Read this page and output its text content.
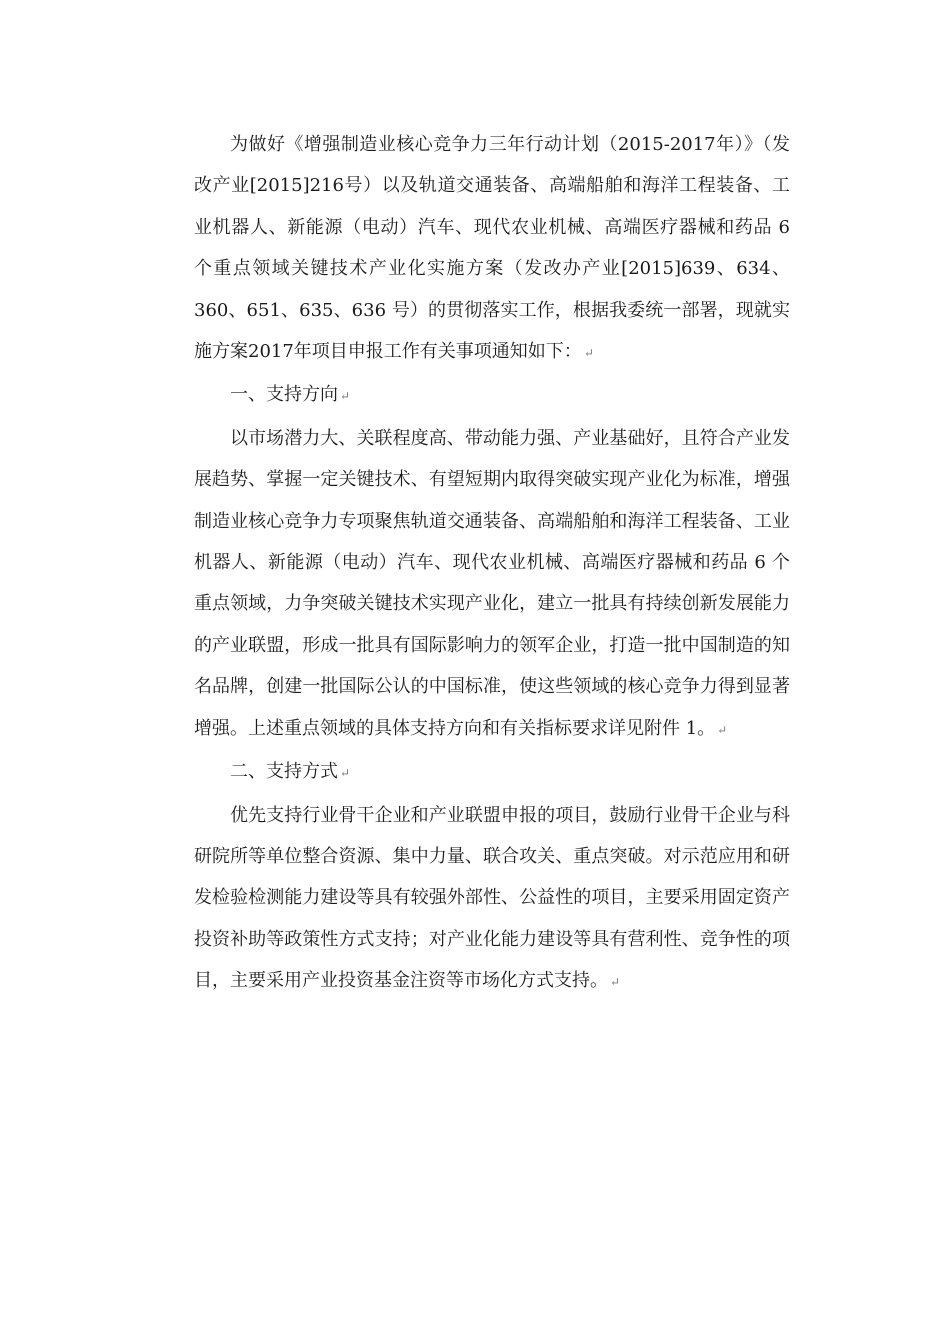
为做好《增强制造业核心竞争力三年行动计划（2015-2017年）》（发改产业[2015]216号）以及轨道交通装备、高端船舶和海洋工程装备、工业机器人、新能源（电动）汽车、现代农业机械、高端医疗器械和药品 6 个重点领域关键技术产业化实施方案（发改办产业[2015]639、634、360、651、635、636 号）的贯彻落实工作，根据我委统一部署，现就实施方案2017年项目申报工作有关事项通知如下： ↵

一、支持方向 ↵

以市场潜力大、关联程度高、带动能力强、产业基础好，且符合产业发展趋势、掌握一定关键技术、有望短期内取得突破实现产业化为标准，增强制造业核心竞争力专项聚焦轨道交通装备、高端船舶和海洋工程装备、工业机器人、新能源（电动）汽车、现代农业机械、高端医疗器械和药品 6 个重点领域，力争突破关键技术实现产业化，建立一批具有持续创新发展能力的产业联盟，形成一批具有国际影响力的领军企业，打造一批中国制造的知名品牌，创建一批国际公认的中国标准，使这些领域的核心竞争力得到显著增强。上述重点领域的具体支持方向和有关指标要求详见附件 1。 ↵

二、支持方式 ↵

优先支持行业骨干企业和产业联盟申报的项目，鼓励行业骨干企业与科研院所等单位整合资源、集中力量、联合攻关、重点突破。对示范应用和研发检验检测能力建设等具有较强外部性、公益性的项目，主要采用固定资产投资补助等政策性方式支持；对产业化能力建设等具有营利性、竞争性的项目，主要采用产业投资基金注资等市场化方式支持。 ↵
